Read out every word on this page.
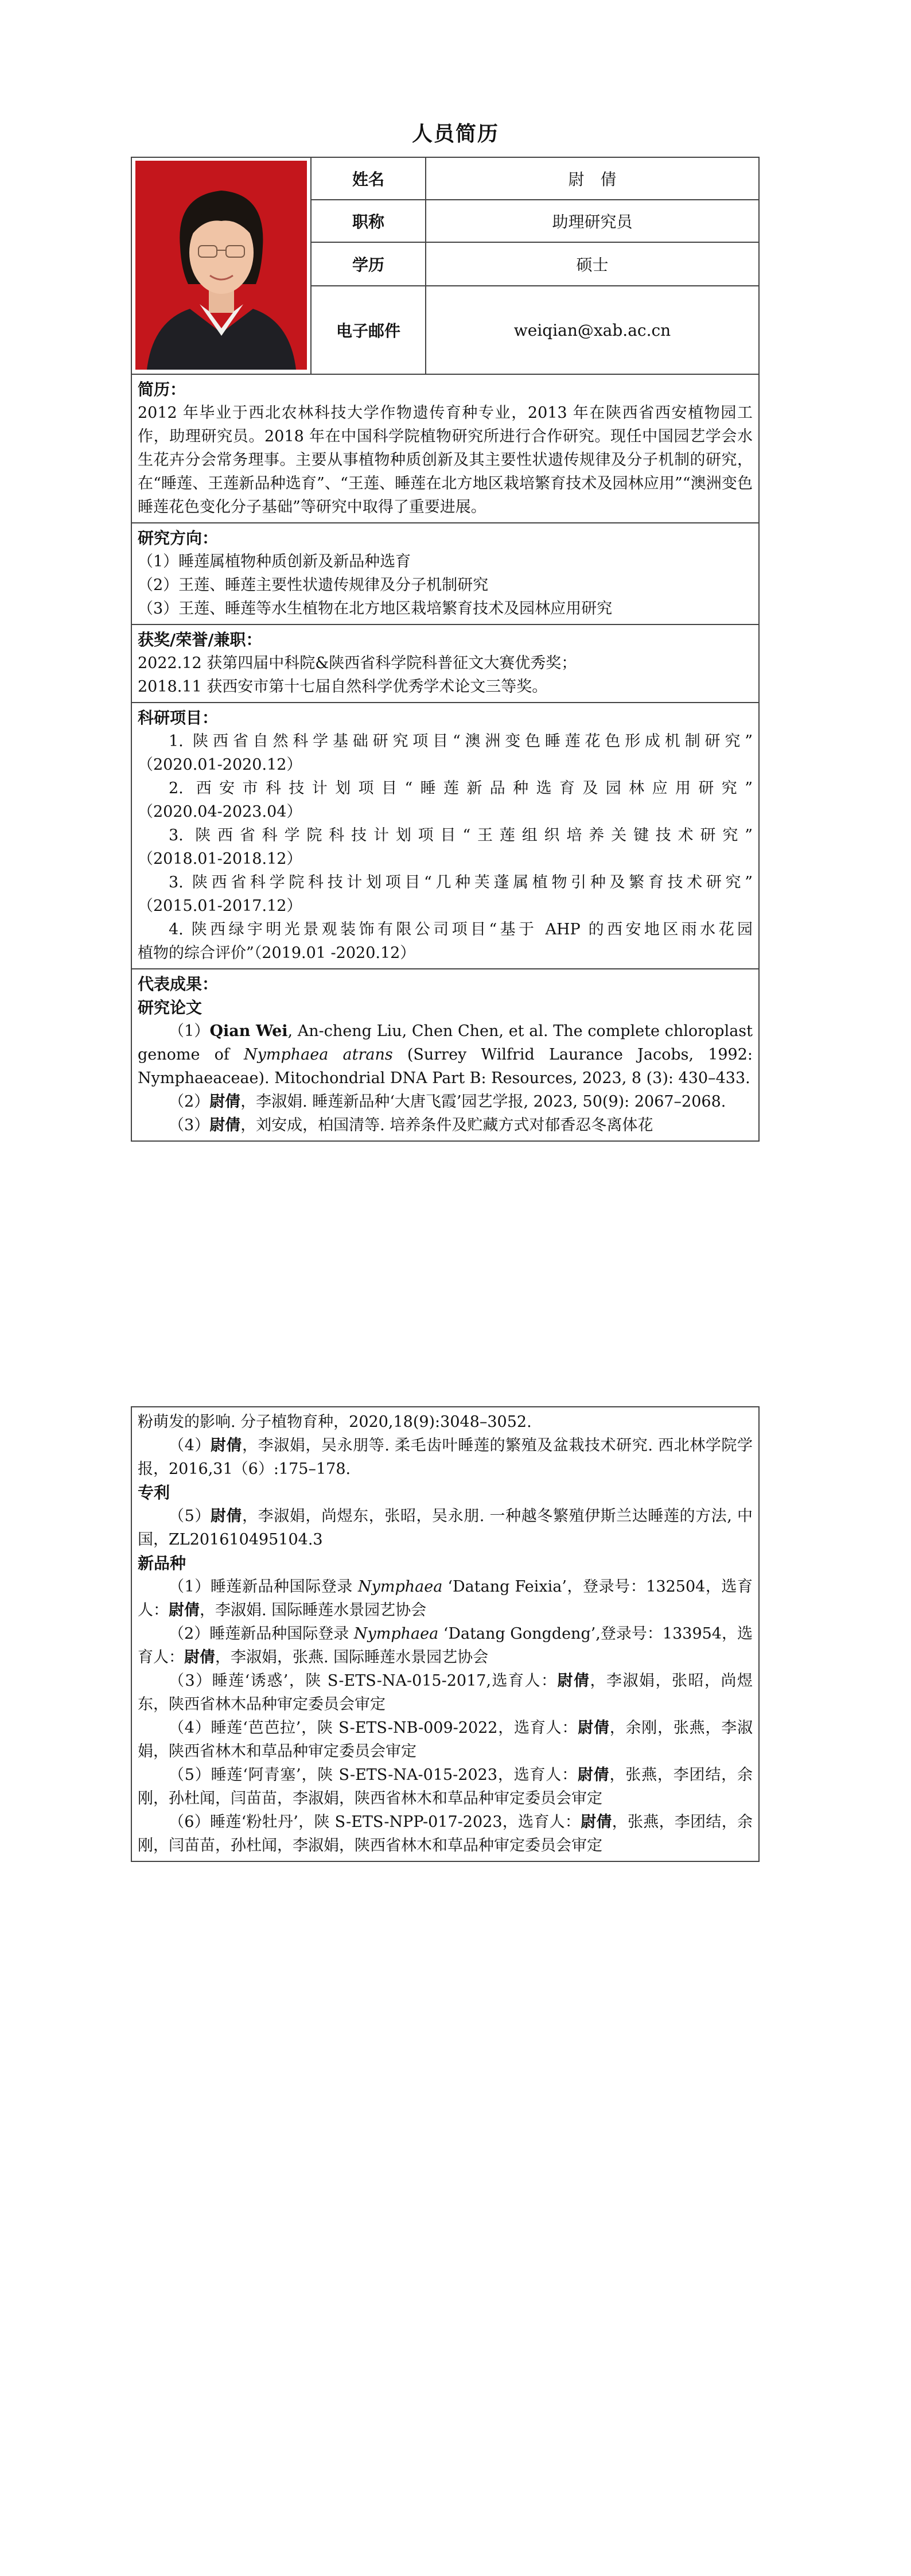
人员简历
姓名	尉　倩
职称	助理研究员
学历	硕士
电子邮件	weiqian@xab.ac.cn
简历：
2012 年毕业于西北农林科技大学作物遗传育种专业，2013 年在陕西省西安植物园工作，助理研究员。2018 年在中国科学院植物研究所进行合作研究。现任中国园艺学会水生花卉分会常务理事。主要从事植物种质创新及其主要性状遗传规律及分子机制的研究，在“睡莲、王莲新品种选育”、“王莲、睡莲在北方地区栽培繁育技术及园林应用”“澳洲变色睡莲花色变化分子基础”等研究中取得了重要进展。
研究方向：
（1）睡莲属植物种质创新及新品种选育
（2）王莲、睡莲主要性状遗传规律及分子机制研究
（3）王莲、睡莲等水生植物在北方地区栽培繁育技术及园林应用研究
获奖/荣誉/兼职：
2022.12 获第四届中科院&陕西省科学院科普征文大赛优秀奖；
2018.11 获西安市第十七届自然科学优秀学术论文三等奖。
科研项目：

1. 陕西省自然科学基础研究项目“澳洲变色睡莲花色形成机制研究”

（2020.01-2020.12）

2. 西安市科技计划项目“睡莲新品种选育及园林应用研究”

（2020.04-2023.04）

3. 陕西省科学院科技计划项目“王莲组织培养关键技术研究”

（2018.01-2018.12）

3. 陕西省科学院科技计划项目“几种芙蓬属植物引种及繁育技术研究”

（2015.01-2017.12）

4. 陕西绿宇明光景观装饰有限公司项目“基于 AHP 的西安地区雨水花园

植物的综合评价”（2019.01 -2020.12）

代表成果：
研究论文

（1）Qian Wei, An-cheng Liu, Chen Chen, et al. The complete chloroplast genome of Nymphaea atrans (Surrey Wilfrid Laurance Jacobs, 1992: Nymphaeaceae). Mitochondrial DNA Part B: Resources, 2023, 8 (3): 430–433.

（2）尉倩，李淑娟. 睡莲新品种‘大唐飞霞’园艺学报, 2023, 50(9): 2067–2068.

（3）尉倩，刘安成，柏国清等. 培养条件及贮藏方式对郁香忍冬离体花

粉萌发的影响. 分子植物育种，2020,18(9):3048–3052.

（4）尉倩，李淑娟，吴永朋等. 柔毛齿叶睡莲的繁殖及盆栽技术研究. 西北林学院学报，2016,31（6）:175–178.

专利

（5）尉倩，李淑娟，尚煜东，张昭，吴永朋. 一种越冬繁殖伊斯兰达睡莲的方法, 中国，ZL201610495104.3

新品种

（1）睡莲新品种国际登录 Nymphaea ‘Datang Feixia’，登录号：132504，选育人：尉倩，李淑娟. 国际睡莲水景园艺协会

（2）睡莲新品种国际登录 Nymphaea ‘Datang Gongdeng’,登录号：133954，选育人：尉倩，李淑娟，张燕. 国际睡莲水景园艺协会

（3）睡莲‘诱惑’，陕 S-ETS-NA-015-2017,选育人：尉倩，李淑娟，张昭，尚煜东，陕西省林木品种审定委员会审定

（4）睡莲‘芭芭拉’，陕 S-ETS-NB-009-2022，选育人：尉倩，余刚，张燕，李淑娟，陕西省林木和草品种审定委员会审定

（5）睡莲‘阿青塞’，陕 S-ETS-NA-015-2023，选育人：尉倩，张燕，李团结，余刚，孙杜闻，闫苗苗，李淑娟，陕西省林木和草品种审定委员会审定

（6）睡莲‘粉牡丹’，陕 S-ETS-NPP-017-2023，选育人：尉倩，张燕，李团结，余刚，闫苗苗，孙杜闻，李淑娟，陕西省林木和草品种审定委员会审定
